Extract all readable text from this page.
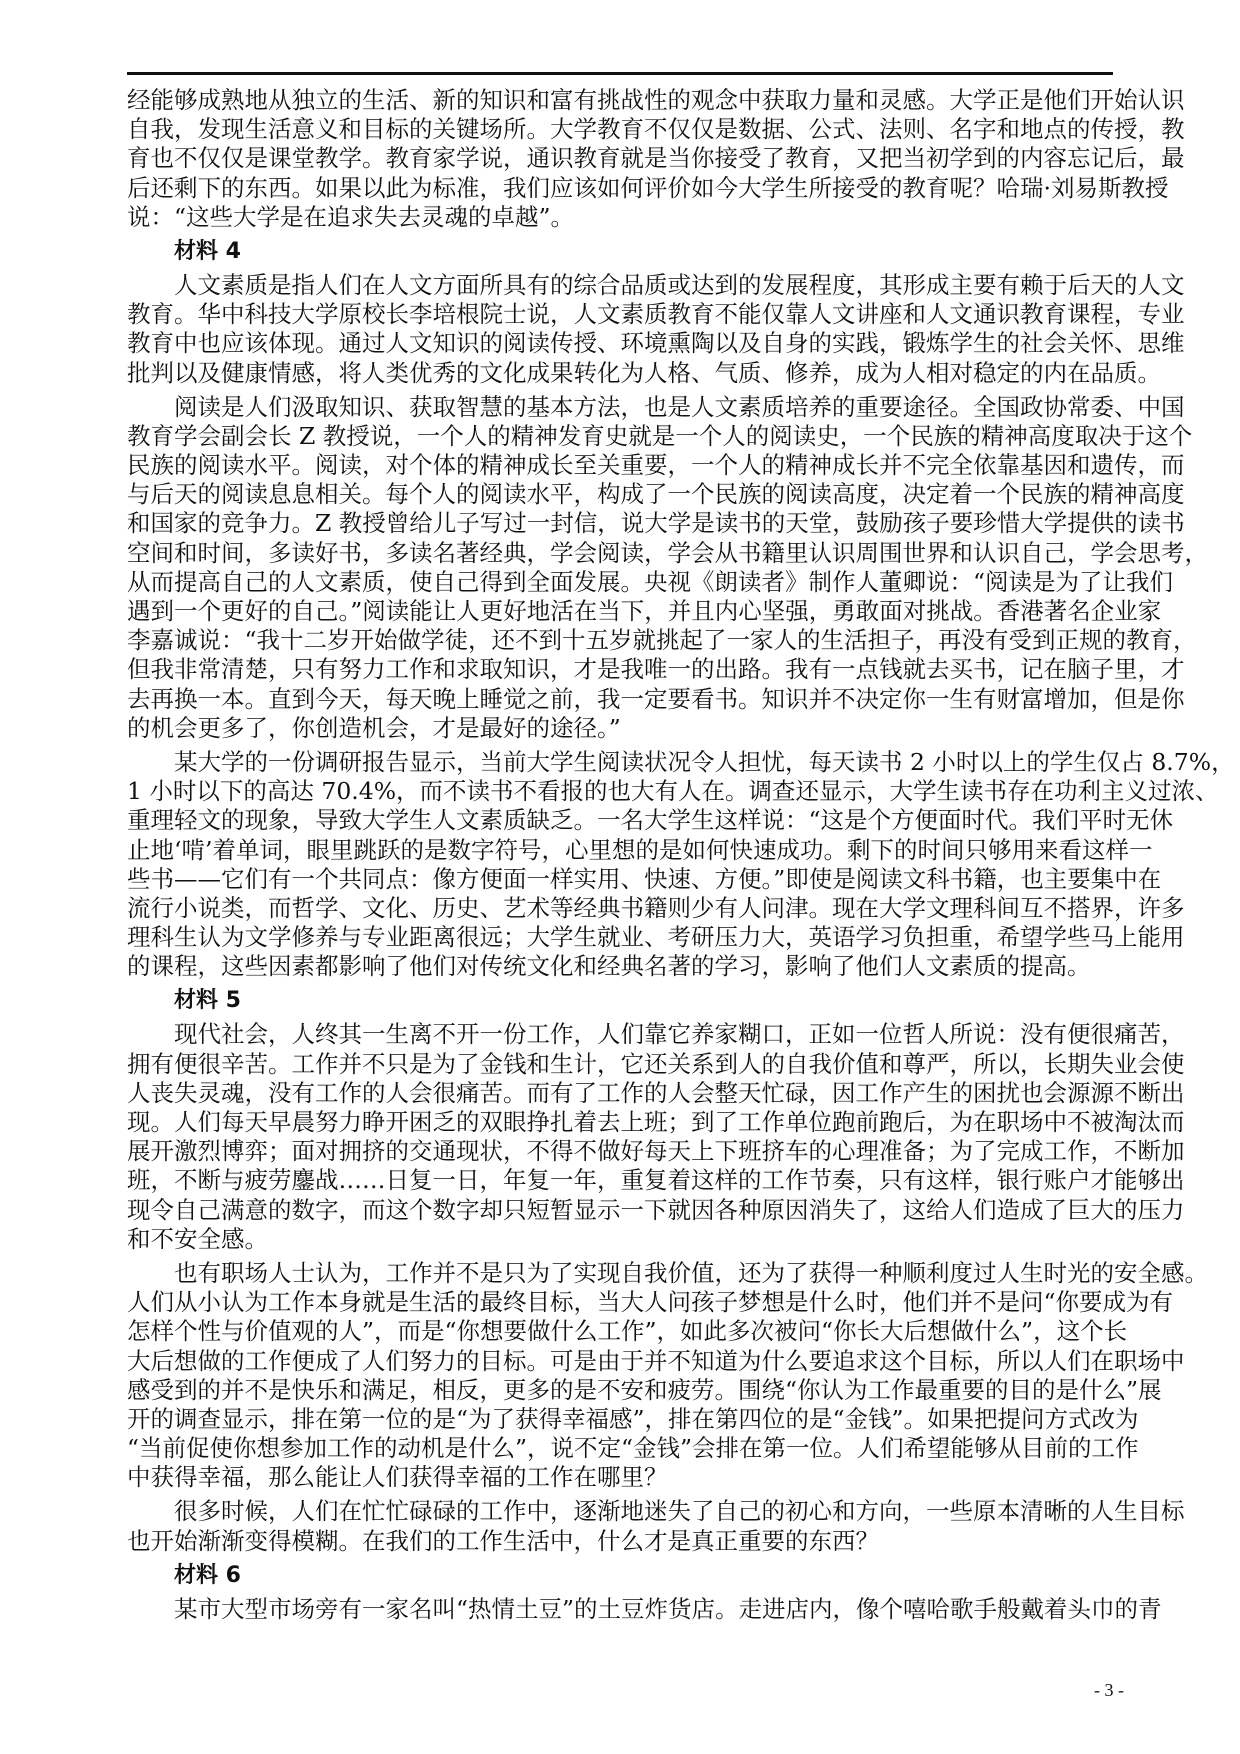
经能够成熟地从独立的生活、新的知识和富有挑战性的观念中获取力量和灵感。大学正是他们开始认识
自我，发现生活意义和目标的关键场所。大学教育不仅仅是数据、公式、法则、名字和地点的传授，教
育也不仅仅是课堂教学。教育家学说，通识教育就是当你接受了教育，又把当初学到的内容忘记后，最
后还剩下的东西。如果以此为标准，我们应该如何评价如今大学生所接受的教育呢？哈瑞·刘易斯教授
说：“这些大学是在追求失去灵魂的卓越”。
材料 4
人文素质是指人们在人文方面所具有的综合品质或达到的发展程度，其形成主要有赖于后天的人文
教育。华中科技大学原校长李培根院士说，人文素质教育不能仅靠人文讲座和人文通识教育课程，专业
教育中也应该体现。通过人文知识的阅读传授、环境熏陶以及自身的实践，锻炼学生的社会关怀、思维
批判以及健康情感，将人类优秀的文化成果转化为人格、气质、修养，成为人相对稳定的内在品质。
阅读是人们汲取知识、获取智慧的基本方法，也是人文素质培养的重要途径。全国政协常委、中国
教育学会副会长 Z 教授说，一个人的精神发育史就是一个人的阅读史，一个民族的精神高度取决于这个
民族的阅读水平。阅读，对个体的精神成长至关重要，一个人的精神成长并不完全依靠基因和遗传，而
与后天的阅读息息相关。每个人的阅读水平，构成了一个民族的阅读高度，决定着一个民族的精神高度
和国家的竞争力。Z 教授曾给儿子写过一封信，说大学是读书的天堂，鼓励孩子要珍惜大学提供的读书
空间和时间，多读好书，多读名著经典，学会阅读，学会从书籍里认识周围世界和认识自己，学会思考，
从而提高自己的人文素质，使自己得到全面发展。央视《朗读者》制作人董卿说：“阅读是为了让我们
遇到一个更好的自己。”阅读能让人更好地活在当下，并且内心坚强，勇敢面对挑战。香港著名企业家
李嘉诚说：“我十二岁开始做学徒，还不到十五岁就挑起了一家人的生活担子，再没有受到正规的教育，
但我非常清楚，只有努力工作和求取知识，才是我唯一的出路。我有一点钱就去买书，记在脑子里，才
去再换一本。直到今天，每天晚上睡觉之前，我一定要看书。知识并不决定你一生有财富增加，但是你
的机会更多了，你创造机会，才是最好的途径。”
某大学的一份调研报告显示，当前大学生阅读状况令人担忧，每天读书 2 小时以上的学生仅占 8.7%，
1 小时以下的高达 70.4%，而不读书不看报的也大有人在。调查还显示，大学生读书存在功利主义过浓、
重理轻文的现象，导致大学生人文素质缺乏。一名大学生这样说：“这是个方便面时代。我们平时无休
止地‘啃’着单词，眼里跳跃的是数字符号，心里想的是如何快速成功。剩下的时间只够用来看这样一
些书——它们有一个共同点：像方便面一样实用、快速、方便。”即使是阅读文科书籍，也主要集中在
流行小说类，而哲学、文化、历史、艺术等经典书籍则少有人问津。现在大学文理科间互不搭界，许多
理科生认为文学修养与专业距离很远；大学生就业、考研压力大，英语学习负担重，希望学些马上能用
的课程，这些因素都影响了他们对传统文化和经典名著的学习，影响了他们人文素质的提高。
材料 5
现代社会，人终其一生离不开一份工作，人们靠它养家糊口，正如一位哲人所说：没有便很痛苦，
拥有便很辛苦。工作并不只是为了金钱和生计，它还关系到人的自我价值和尊严，所以，长期失业会使
人丧失灵魂，没有工作的人会很痛苦。而有了工作的人会整天忙碌，因工作产生的困扰也会源源不断出
现。人们每天早晨努力睁开困乏的双眼挣扎着去上班；到了工作单位跑前跑后，为在职场中不被淘汰而
展开激烈博弈；面对拥挤的交通现状，不得不做好每天上下班挤车的心理准备；为了完成工作，不断加
班，不断与疲劳鏖战……日复一日，年复一年，重复着这样的工作节奏，只有这样，银行账户才能够出
现令自己满意的数字，而这个数字却只短暂显示一下就因各种原因消失了，这给人们造成了巨大的压力
和不安全感。
也有职场人士认为，工作并不是只为了实现自我价值，还为了获得一种顺利度过人生时光的安全感。
人们从小认为工作本身就是生活的最终目标，当大人问孩子梦想是什么时，他们并不是问“你要成为有
怎样个性与价值观的人”，而是“你想要做什么工作”，如此多次被问“你长大后想做什么”，这个长
大后想做的工作便成了人们努力的目标。可是由于并不知道为什么要追求这个目标，所以人们在职场中
感受到的并不是快乐和满足，相反，更多的是不安和疲劳。围绕“你认为工作最重要的目的是什么”展
开的调查显示，排在第一位的是“为了获得幸福感”，排在第四位的是“金钱”。如果把提问方式改为
“当前促使你想参加工作的动机是什么”，说不定“金钱”会排在第一位。人们希望能够从目前的工作
中获得幸福，那么能让人们获得幸福的工作在哪里？
很多时候，人们在忙忙碌碌的工作中，逐渐地迷失了自己的初心和方向，一些原本清晰的人生目标
也开始渐渐变得模糊。在我们的工作生活中，什么才是真正重要的东西？
材料 6
某市大型市场旁有一家名叫“热情土豆”的土豆炸货店。走进店内，像个嘻哈歌手般戴着头巾的青
- 3 -
